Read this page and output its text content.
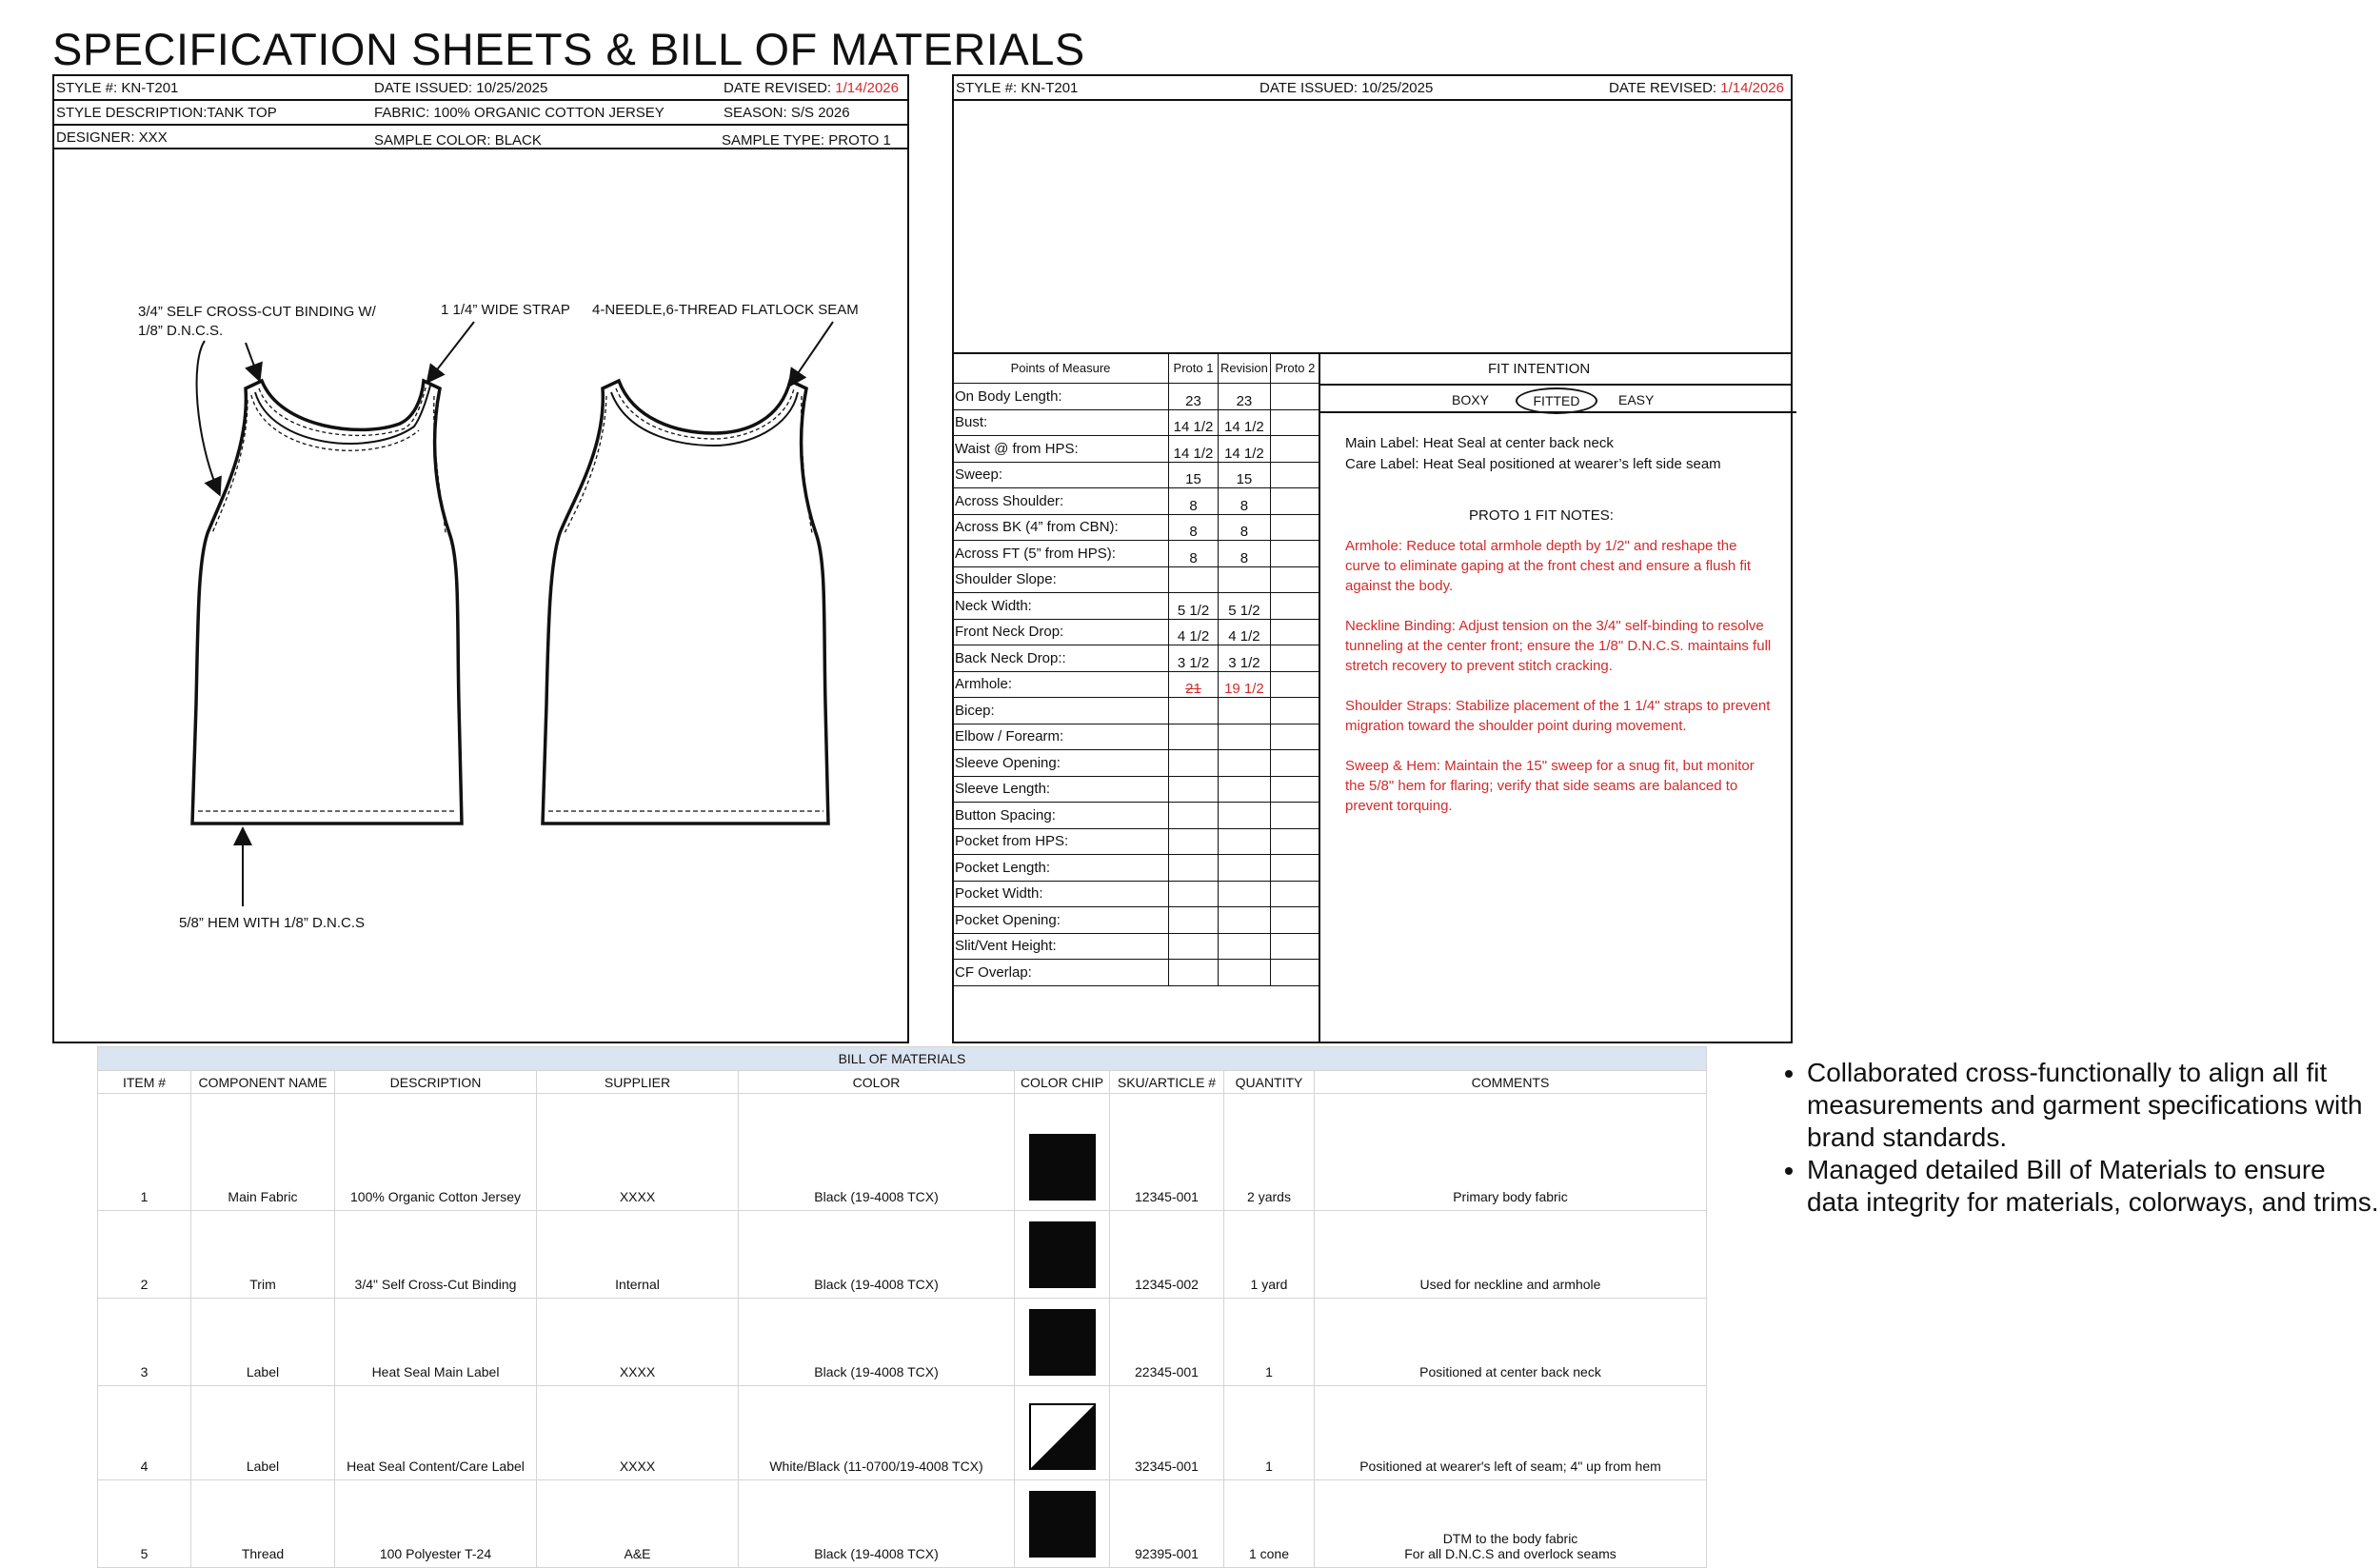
SPECIFICATION SHEETS & BILL OF MATERIALS
STYLE #: KN-T201	DATE ISSUED: 10/25/2025	DATE REVISED: 1/14/2026
STYLE DESCRIPTION:TANK TOP	FABRIC: 100% ORGANIC COTTON JERSEY	SEASON: S/S 2026
DESIGNER: XXX	SAMPLE COLOR: BLACK	SAMPLE TYPE: PROTO 1
3/4” SELF CROSS-CUT BINDING W/
1/8” D.N.C.S.
1 1/4” WIDE STRAP 4-NEEDLE,6-THREAD FLATLOCK SEAM
5/8” HEM WITH 1/8” D.N.C.S
STYLE #: KN-T201	DATE ISSUED: 10/25/2025	DATE REVISED: 1/14/2026
Points of Measure	Proto 1	Revision	Proto 2
On Body Length:	23	23	
Bust:	14 1/2	14 1/2	
Waist @ from HPS:	14 1/2	14 1/2	
Sweep:	15	15	
Across Shoulder:	8	8	
Across BK (4” from CBN):	8	8	
Across FT (5” from HPS):	8	8	
Shoulder Slope:			
Neck Width:	5 1/2	5 1/2	
Front Neck Drop:	4 1/2	4 1/2	
Back Neck Drop::	3 1/2	3 1/2	
Armhole:	21	19 1/2	
Bicep:			
Elbow / Forearm:			
Sleeve Opening:			
Sleeve Length:			
Button Spacing:			
Pocket from HPS:			
Pocket Length:			
Pocket Width:			
Pocket Opening:			
Slit/Vent Height:			
CF Overlap:			
FIT INTENTION
BOXY	FITTED	EASY
Main Label: Heat Seal at center back neck
Care Label: Heat Seal positioned at wearer’s left side seam
PROTO 1 FIT NOTES:

Armhole: Reduce total armhole depth by 1/2" and reshape the curve to eliminate gaping at the front chest and ensure a flush fit against the body.

Neckline Binding: Adjust tension on the 3/4" self-binding to resolve tunneling at the center front; ensure the 1/8" D.N.C.S. maintains full stretch recovery to prevent stitch cracking.

Shoulder Straps: Stabilize placement of the 1 1/4" straps to prevent migration toward the shoulder point during movement.

Sweep & Hem: Maintain the 15" sweep for a snug fit, but monitor the 5/8" hem for flaring; verify that side seams are balanced to prevent torquing.

BILL OF MATERIALS								
ITEM #	COMPONENT NAME	DESCRIPTION	SUPPLIER	COLOR	COLOR CHIP	SKU/ARTICLE #	QUANTITY	COMMENTS
1	Main Fabric	100% Organic Cotton Jersey	XXXX	Black (19-4008 TCX)		12345-001	2 yards	Primary body fabric

2	Trim	3/4" Self Cross-Cut Binding	Internal	Black (19-4008 TCX)		12345-002	1 yard	Used for neckline and armhole

3	Label	Heat Seal Main Label	XXXX	Black (19-4008 TCX)		22345-001	1	Positioned at center back neck

4	Label	Heat Seal Content/Care Label	XXXX	White/Black (11-0700/19-4008 TCX)		32345-001	1	Positioned at wearer's left of seam; 4" up from hem

5	Thread	100 Polyester T-24	A&E	Black (19-4008 TCX)		92395-001	1 cone	DTM to the body fabric
For all D.N.C.S and overlock seams
• Collaborated cross-functionally to align all fit measurements and garment specifications with brand standards.
• Managed detailed Bill of Materials to ensure data integrity for materials, colorways, and trims.
